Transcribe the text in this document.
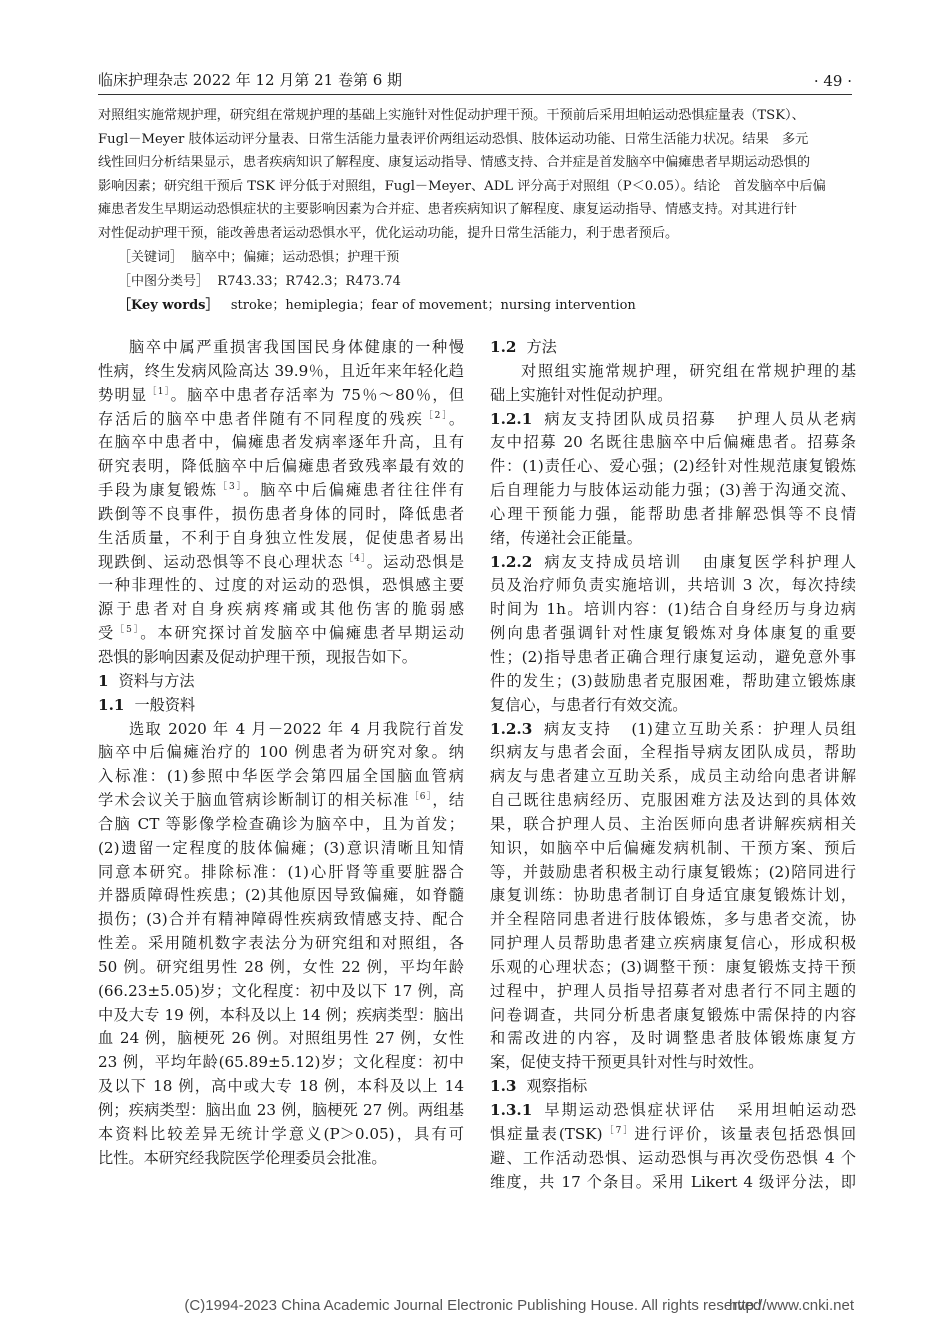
临床护理杂志 2022 年 12 月第 21 卷第 6 期	· 49 ·
对照组实施常规护理，研究组在常规护理的基础上实施针对性促动护理干预。干预前后采用坦帕运动恐惧症量表（TSK）、
Fugl－Meyer 肢体运动评分量表、日常生活能力量表评价两组运动恐惧、肢体运动功能、日常生活能力状况。结果　多元
线性回归分析结果显示，患者疾病知识了解程度、康复运动指导、情感支持、合并症是首发脑卒中偏瘫患者早期运动恐惧的
影响因素；研究组干预后 TSK 评分低于对照组，Fugl－Meyer、ADL 评分高于对照组（P＜0.05）。结论　首发脑卒中后偏
瘫患者发生早期运动恐惧症状的主要影响因素为合并症、患者疾病知识了解程度、康复运动指导、情感支持。对其进行针
对性促动护理干预，能改善患者运动恐惧水平，优化运动功能，提升日常生活能力，利于患者预后。
［关键词］ 脑卒中；偏瘫；运动恐惧；护理干预
［中图分类号］ R743.33；R742.3；R473.74
［Key words］ stroke；hemiplegia；fear of movement；nursing intervention
脑卒中属严重损害我国国民身体健康的一种慢
性病，终生发病风险高达 39.9％，且近年来年轻化趋
势明显$^{[1]}$。脑卒中患者存活率为 75％～80％，但
存活后的脑卒中患者伴随有不同程度的残疾$^{[2]}$。
在脑卒中患者中，偏瘫患者发病率逐年升高，且有
研究表明，降低脑卒中后偏瘫患者致残率最有效的
手段为康复锻炼$^{[3]}$。脑卒中后偏瘫患者往往伴有
跌倒等不良事件，损伤患者身体的同时，降低患者
生活质量，不利于自身独立性发展，促使患者易出
现跌倒、运动恐惧等不良心理状态$^{[4]}$。运动恐惧是
一种非理性的、过度的对运动的恐惧，恐惧感主要
源于患者对自身疾病疼痛或其他伤害的脆弱感
受$^{[5]}$。本研究探讨首发脑卒中偏瘫患者早期运动
恐惧的影响因素及促动护理干预，现报告如下。
1 资料与方法
1.1 一般资料
选取 2020 年 4 月－2022 年 4 月我院行首发
脑卒中后偏瘫治疗的 100 例患者为研究对象。纳
入标准：(1)参照中华医学会第四届全国脑血管病
学术会议关于脑血管病诊断制订的相关标准$^{[6]}$，结
合脑 CT 等影像学检查确诊为脑卒中，且为首发；
(2)遗留一定程度的肢体偏瘫；(3)意识清晰且知情
同意本研究。排除标准：(1)心肝肾等重要脏器合
并器质障碍性疾患；(2)其他原因导致偏瘫，如脊髓
损伤；(3)合并有精神障碍性疾病致情感支持、配合
性差。采用随机数字表法分为研究组和对照组，各
50 例。研究组男性 28 例，女性 22 例，平均年龄
(66.23±5.05)岁；文化程度：初中及以下 17 例，高
中及大专 19 例，本科及以上 14 例；疾病类型：脑出
血 24 例，脑梗死 26 例。对照组男性 27 例，女性
23 例，平均年龄(65.89±5.12)岁；文化程度：初中
及以下 18 例，高中或大专 18 例，本科及以上 14
例；疾病类型：脑出血 23 例，脑梗死 27 例。两组基
本资料比较差异无统计学意义(P＞0.05)，具有可
比性。本研究经我院医学伦理委员会批准。
1.2 方法
对照组实施常规护理，研究组在常规护理的基
础上实施针对性促动护理。
1.2.1 病友支持团队成员招募 护理人员从老病
友中招募 20 名既往患脑卒中后偏瘫患者。招募条
件：(1)责任心、爱心强；(2)经针对性规范康复锻炼
后自理能力与肢体运动能力强；(3)善于沟通交流、
心理干预能力强，能帮助患者排解恐惧等不良情
绪，传递社会正能量。
1.2.2 病友支持成员培训 由康复医学科护理人
员及治疗师负责实施培训，共培训 3 次，每次持续
时间为 1h。培训内容：(1)结合自身经历与身边病
例向患者强调针对性康复锻炼对身体康复的重要
性；(2)指导患者正确合理行康复运动，避免意外事
件的发生；(3)鼓励患者克服困难，帮助建立锻炼康
复信心，与患者行有效交流。
1.2.3 病友支持 (1)建立互助关系：护理人员组
织病友与患者会面，全程指导病友团队成员，帮助
病友与患者建立互助关系，成员主动给向患者讲解
自己既往患病经历、克服困难方法及达到的具体效
果，联合护理人员、主治医师向患者讲解疾病相关
知识，如脑卒中后偏瘫发病机制、干预方案、预后
等，并鼓励患者积极主动行康复锻炼；(2)陪同进行
康复训练：协助患者制订自身适宜康复锻炼计划，
并全程陪同患者进行肢体锻炼，多与患者交流，协
同护理人员帮助患者建立疾病康复信心，形成积极
乐观的心理状态；(3)调整干预：康复锻炼支持干预
过程中，护理人员指导招募者对患者行不同主题的
问卷调查，共同分析患者康复锻炼中需保持的内容
和需改进的内容，及时调整患者肢体锻炼康复方
案，促使支持干预更具针对性与时效性。
1.3 观察指标
1.3.1 早期运动恐惧症状评估 采用坦帕运动恐
惧症量表(TSK)$^{[7]}$进行评价，该量表包括恐惧回
避、工作活动恐惧、运动恐惧与再次受伤恐惧 4 个
维度，共 17 个条目。采用 Likert 4 级评分法，即
(C)1994-2023 China Academic Journal Electronic Publishing House. All rights reserved.
http://www.cnki.net
